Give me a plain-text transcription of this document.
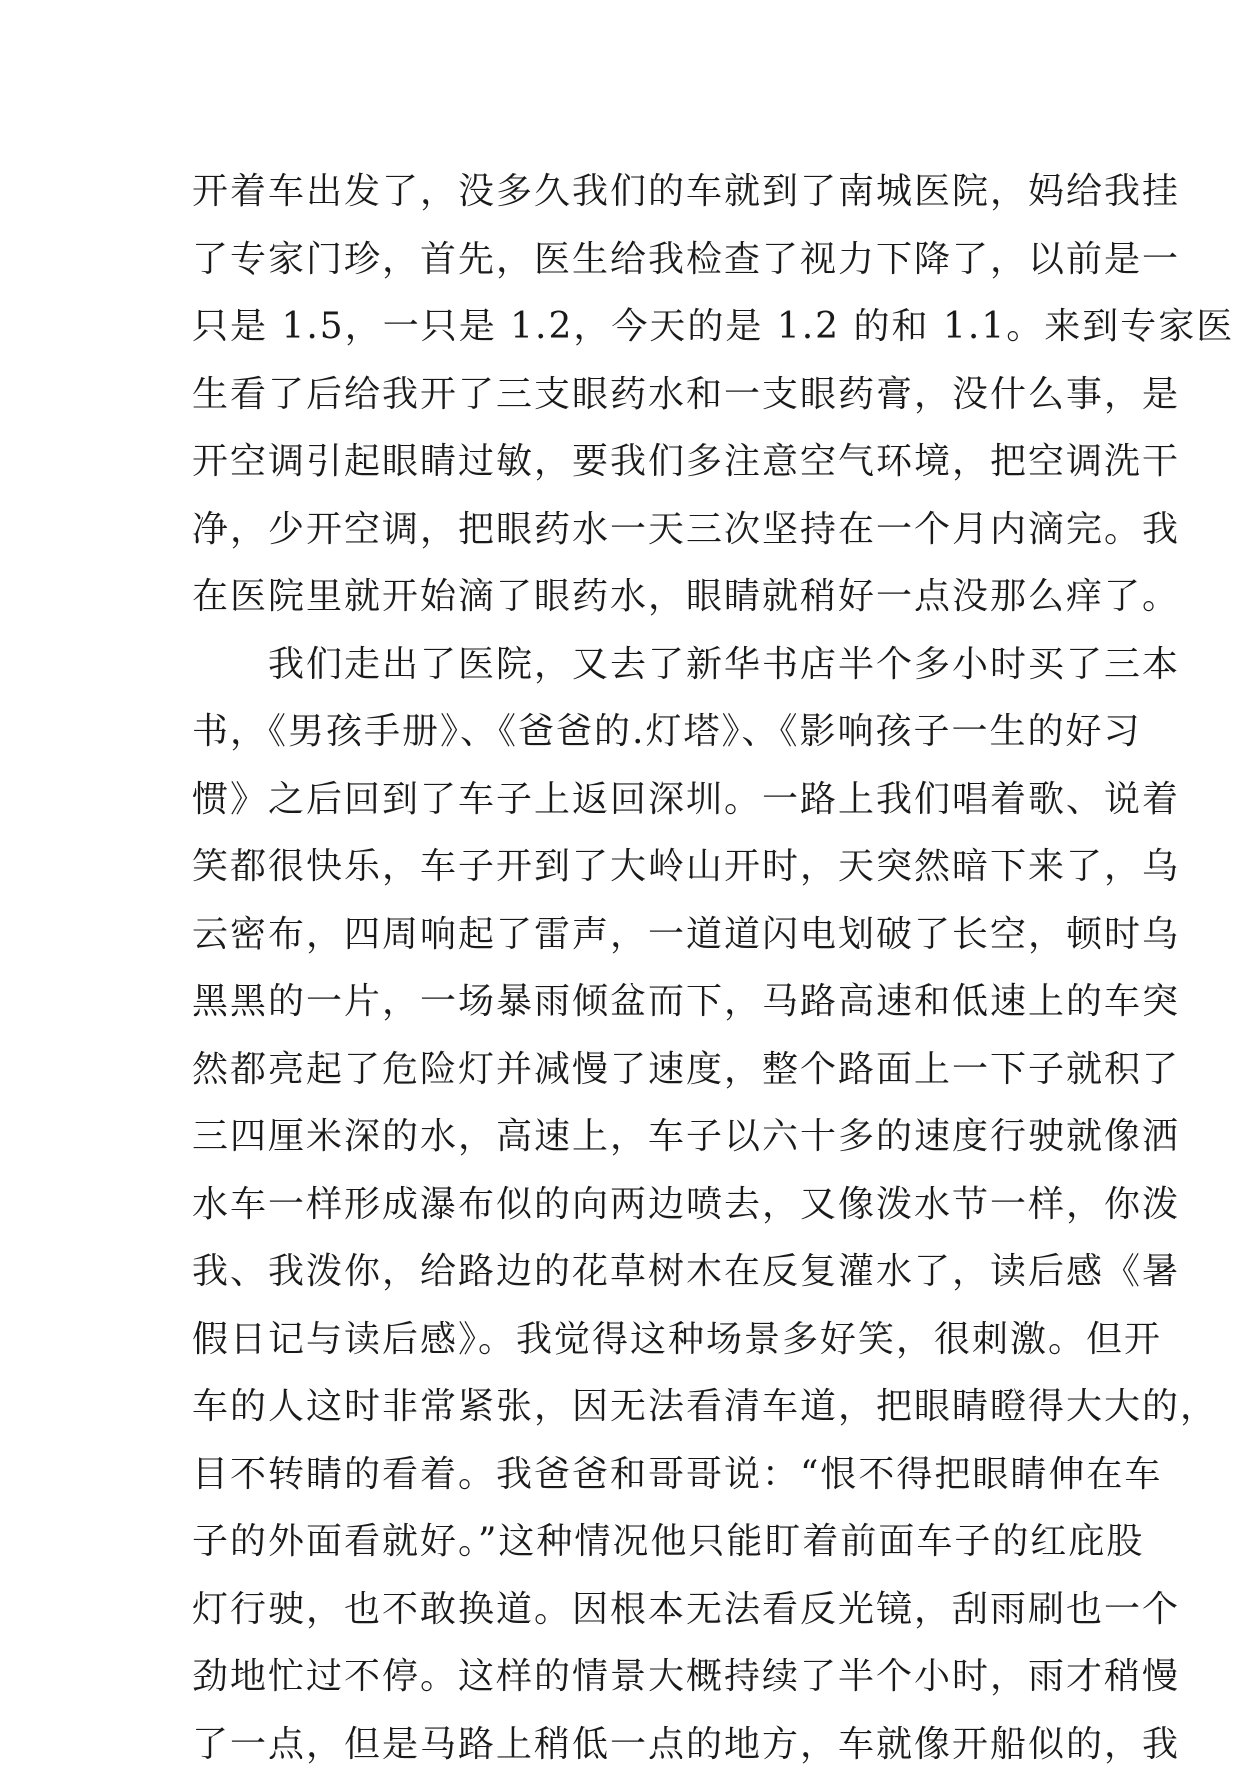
开着车出发了，没多久我们的车就到了南城医院，妈给我挂
了专家门珍，首先，医生给我检查了视力下降了，以前是一
只是 1.5，一只是 1.2，今天的是 1.2 的和 1.1。来到专家医
生看了后给我开了三支眼药水和一支眼药膏，没什么事，是
开空调引起眼睛过敏，要我们多注意空气环境，把空调洗干
净，少开空调，把眼药水一天三次坚持在一个月内滴完。我
在医院里就开始滴了眼药水，眼睛就稍好一点没那么痒了。
　　我们走出了医院，又去了新华书店半个多小时买了三本
书，《男孩手册》、《爸爸的.灯塔》、《影响孩子一生的好习
惯》之后回到了车子上返回深圳。一路上我们唱着歌、说着
笑都很快乐，车子开到了大岭山开时，天突然暗下来了，乌
云密布，四周响起了雷声，一道道闪电划破了长空，顿时乌
黑黑的一片，一场暴雨倾盆而下，马路高速和低速上的车突
然都亮起了危险灯并减慢了速度，整个路面上一下子就积了
三四厘米深的水，高速上，车子以六十多的速度行驶就像洒
水车一样形成瀑布似的向两边喷去，又像泼水节一样，你泼
我、我泼你，给路边的花草树木在反复灌水了，读后感《暑
假日记与读后感》。我觉得这种场景多好笑，很刺激。但开
车的人这时非常紧张，因无法看清车道，把眼睛瞪得大大的，
目不转睛的看着。我爸爸和哥哥说：“恨不得把眼睛伸在车
子的外面看就好。”这种情况他只能盯着前面车子的红庇股
灯行驶，也不敢换道。因根本无法看反光镜，刮雨刷也一个
劲地忙过不停。这样的情景大概持续了半个小时，雨才稍慢
了一点，但是马路上稍低一点的地方，车就像开船似的，我
